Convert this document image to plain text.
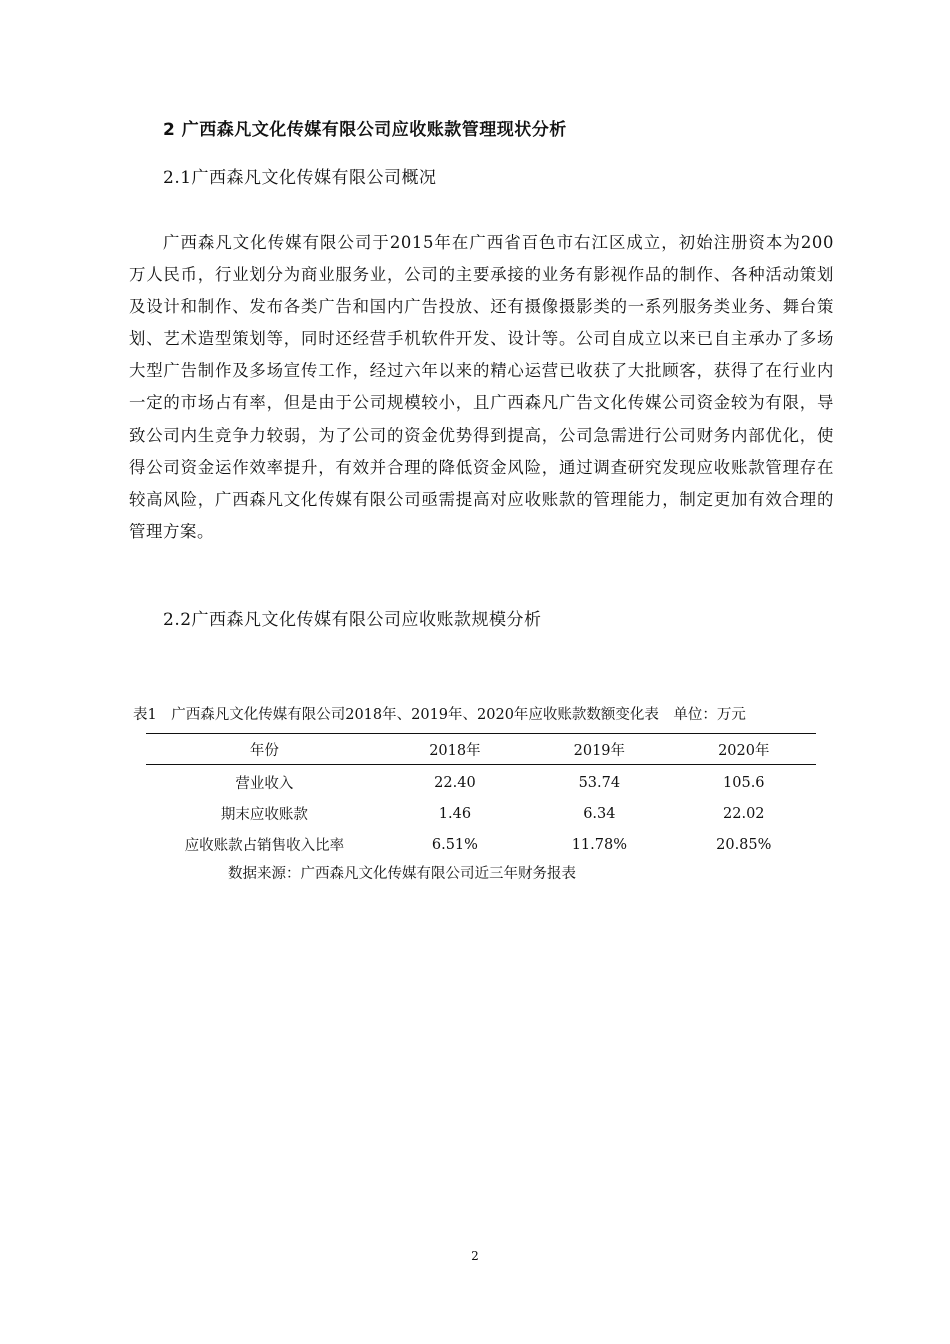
2 广西森凡文化传媒有限公司应收账款管理现状分析
2.1广西森凡文化传媒有限公司概况

广西森凡文化传媒有限公司于2015年在广西省百色市右江区成立，初始注册资本为200万人民币，行业划分为商业服务业，公司的主要承接的业务有影视作品的制作、各种活动策划及设计和制作、发布各类广告和国内广告投放、还有摄像摄影类的一系列服务类业务、舞台策划、艺术造型策划等，同时还经营手机软件开发、设计等。公司自成立以来已自主承办了多场大型广告制作及多场宣传工作，经过六年以来的精心运营已收获了大批顾客，获得了在行业内一定的市场占有率，但是由于公司规模较小，且广西森凡广告文化传媒公司资金较为有限，导致公司内生竞争力较弱，为了公司的资金优势得到提高，公司急需进行公司财务内部优化，使得公司资金运作效率提升，有效并合理的降低资金风险，通过调查研究发现应收账款管理存在较高风险，广西森凡文化传媒有限公司亟需提高对应收账款的管理能力，制定更加有效合理的管理方案。

2.2广西森凡文化传媒有限公司应收账款规模分析
表1　广西森凡文化传媒有限公司2018年、2019年、2020年应收账款数额变化表　单位：万元
年份	2018年	2019年	2020年
营业收入	22.40	53.74	105.6
期末应收账款	1.46	6.34	22.02
应收账款占销售收入比率	6.51%	11.78%	20.85%
数据来源：广西森凡文化传媒有限公司近三年财务报表
2
